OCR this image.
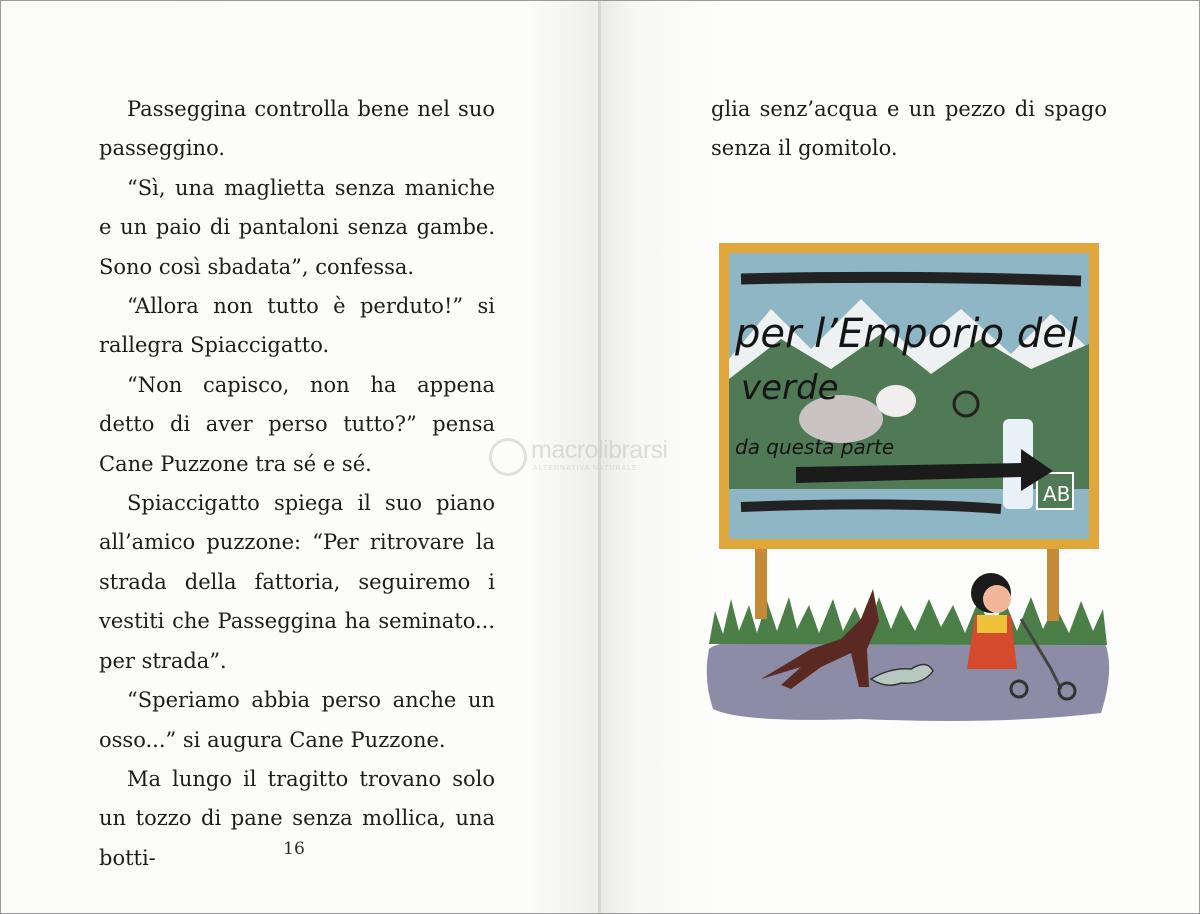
Passeggina controlla bene nel suo passeggino.

“Sì, una maglietta senza maniche e un paio di pantaloni senza gambe. Sono così sbadata”, confessa.

“Allora non tutto è perduto!” si rallegra Spiaccigatto.

“Non capisco, non ha appena detto di aver perso tutto?” pensa Cane Puzzone tra sé e sé.

Spiaccigatto spiega il suo piano all’amico puzzone: “Per ritrovare la strada della fattoria, seguiremo i vestiti che Passeggina ha seminato... per strada”.

“Speriamo abbia perso anche un osso...” si augura Cane Puzzone.

Ma lungo il tragitto trovano solo un tozzo di pane senza mollica, una botti-	16

glia senz’acqua e un pezzo di spago senza il gomitolo.

per l’Emporio del
verde
da questa parte
AB
macrolibrarsi
ALTERNATIVA NATURALE
